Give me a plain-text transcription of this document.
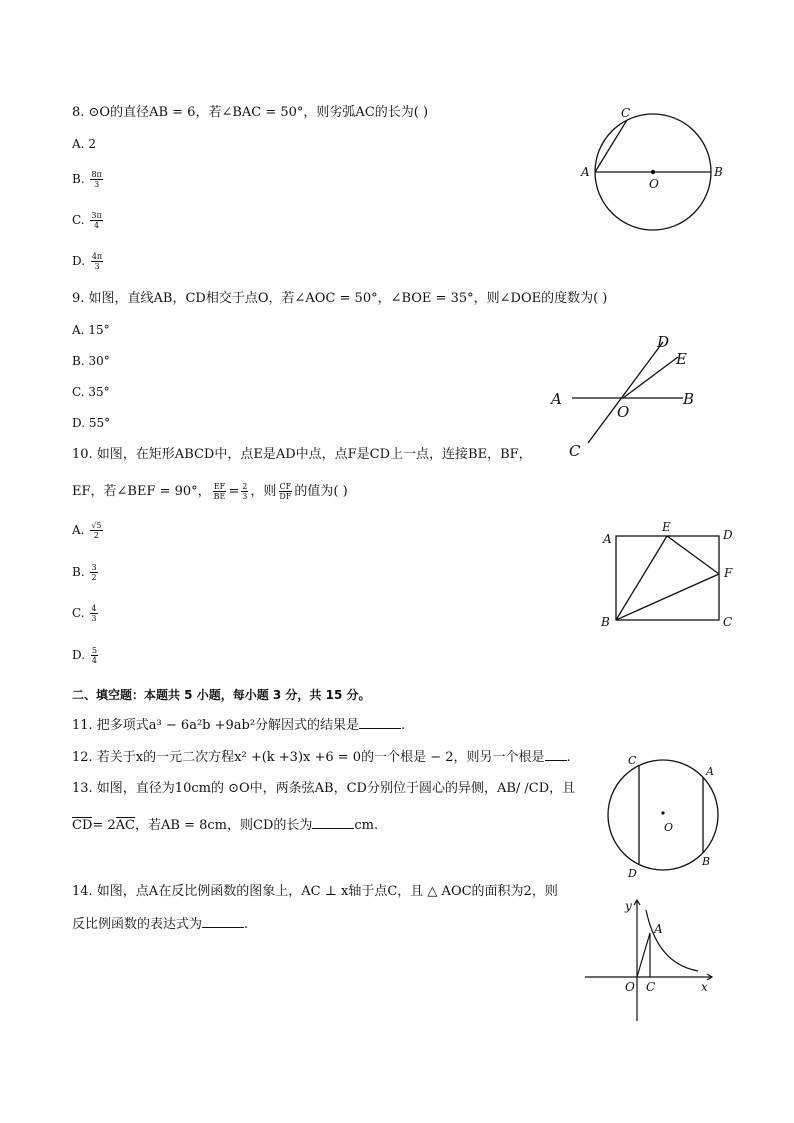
8. ⊙O的直径AB = 6，若∠BAC = 50°，则劣弧AC的长为( )
A. 2
B. $\frac{8\pi}{3}$
C. $\frac{3\pi}{4}$
D. $\frac{4\pi}{3}$
A	B
C
O
9. 如图，直线AB，CD相交于点O，若∠AOC = 50°，∠BOE = 35°，则∠DOE的度数为( )
A. 15°
B. 30°
C. 35°
D. 55°
A	B
C
D
E
O
10. 如图，在矩形ABCD中，点E是AD中点，点F是CD上一点，连接BE，BF，
EF，若∠BEF = 90°， $\frac{EF}{BE} = \frac{2}{3}$ ，则 $\frac{CF}{DF}$ 的值为( )
A. $\frac{√5}{2}$
B. $\frac{3}{2}$
C. $\frac{4}{3}$
D. $\frac{5}{4}$
A
B	C
D
E
F
二、填空题：本题共 5 小题，每小题 3 分，共 15 分。
11. 把多项式a³ − 6a²b +9ab²分解因式的结果是	.
12. 若关于x的一元二次方程x² +(k +3)x +6 = 0的一个根是 − 2，则另一个根是 .
13. 如图，直径为10cm的 ⊙O中，两条弦AB，CD分别位于圆心的异侧，AB/ /CD，且
CD= 2AC，若AB = 8cm，则CD的长为	cm.
C
D
A
B
O
14. 如图，点A在反比例函数的图象上，AC ⊥ x轴于点C，且 △ AOC的面积为2，则
反比例函数的表达式为	.	A
C
O	x
y
